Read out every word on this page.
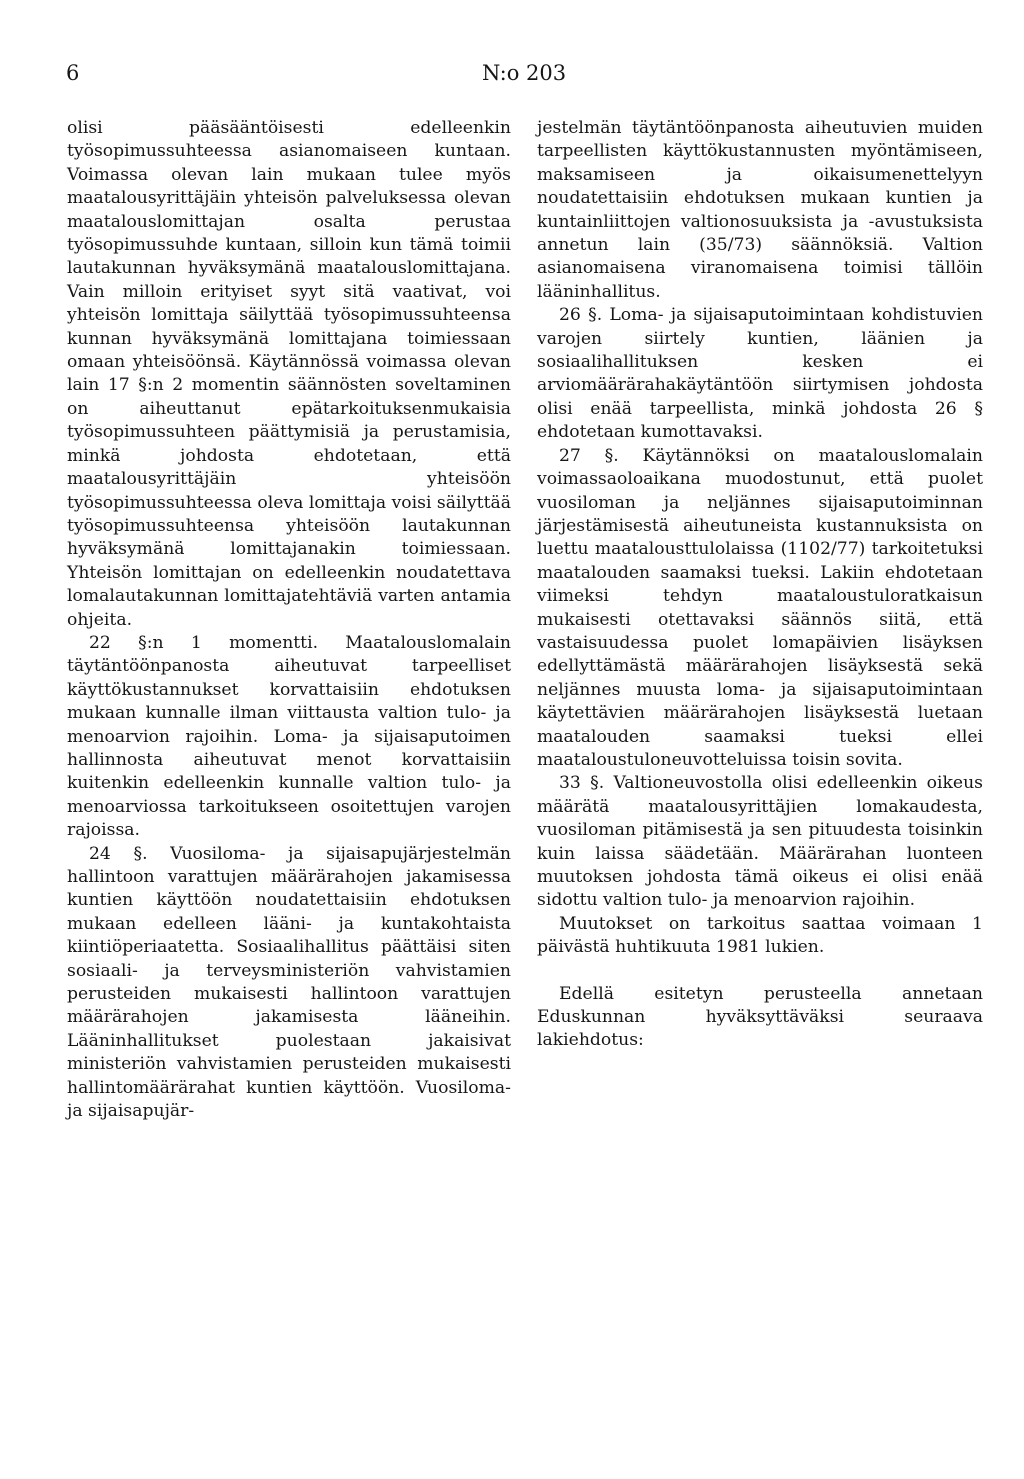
6	N:o 203

olisi pääsääntöisesti edelleenkin työsopimussuhteessa asianomaiseen kuntaan. Voimassa olevan lain mukaan tulee myös maatalousyrittäjäin yhteisön palveluksessa olevan maatalouslomittajan osalta perustaa työsopimussuhde kuntaan, silloin kun tämä toimii lautakunnan hyväksymänä maatalouslomittajana. Vain milloin erityiset syyt sitä vaativat, voi yhteisön lomittaja säilyttää työsopimussuhteensa kunnan hyväksymänä lomittajana toimiessaan omaan yhteisöönsä. Käytännössä voimassa olevan lain 17 §:n 2 momentin säännösten soveltaminen on aiheuttanut epätarkoituksenmukaisia työsopimussuhteen päättymisiä ja perustamisia, minkä johdosta ehdotetaan, että maatalousyrittäjäin yhteisöön työsopimussuhteessa oleva lomittaja voisi säilyttää työsopimussuhteensa yhteisöön lautakunnan hyväksymänä lomittajanakin toimiessaan. Yhteisön lomittajan on edelleenkin noudatettava lomalautakunnan lomittajatehtäviä varten antamia ohjeita.

22 §:n 1 momentti. Maatalouslomalain täytäntöönpanosta aiheutuvat tarpeelliset käyttökustannukset korvattaisiin ehdotuksen mukaan kunnalle ilman viittausta valtion tulo- ja menoarvion rajoihin. Loma- ja sijaisaputoimen hallinnosta aiheutuvat menot korvattaisiin kuitenkin edelleenkin kunnalle valtion tulo- ja menoarviossa tarkoitukseen osoitettujen varojen rajoissa.

24 §. Vuosiloma- ja sijaisapujärjestelmän hallintoon varattujen määrärahojen jakamisessa kuntien käyttöön noudatettaisiin ehdotuksen mukaan edelleen lääni- ja kuntakohtaista kiintiöperiaatetta. Sosiaalihallitus päättäisi siten sosiaali- ja terveysministeriön vahvistamien perusteiden mukaisesti hallintoon varattujen määrärahojen jakamisesta lääneihin. Lääninhallitukset puolestaan jakaisivat ministeriön vahvistamien perusteiden mukaisesti hallintomäärärahat kuntien käyttöön. Vuosiloma- ja sijaisapujär-

jestelmän täytäntöönpanosta aiheutuvien muiden tarpeellisten käyttökustannusten myöntämiseen, maksamiseen ja oikaisumenettelyyn noudatettaisiin ehdotuksen mukaan kuntien ja kuntainliittojen valtionosuuksista ja -avustuksista annetun lain (35/73) säännöksiä. Valtion asianomaisena viranomaisena toimisi tällöin lääninhallitus.

26 §. Loma- ja sijaisaputoimintaan kohdistuvien varojen siirtely kuntien, läänien ja sosiaalihallituksen kesken ei arviomäärärahakäytäntöön siirtymisen johdosta olisi enää tarpeellista, minkä johdosta 26 § ehdotetaan kumottavaksi.

27 §. Käytännöksi on maatalouslomalain voimassaoloaikana muodostunut, että puolet vuosiloman ja neljännes sijaisaputoiminnan järjestämisestä aiheutuneista kustannuksista on luettu maatalousttulolaissa (1102/77) tarkoitetuksi maatalouden saamaksi tueksi. Lakiin ehdotetaan viimeksi tehdyn maataloustuloratkaisun mukaisesti otettavaksi säännös siitä, että vastaisuudessa puolet lomapäivien lisäyksen edellyttämästä määrärahojen lisäyksestä sekä neljännes muusta loma- ja sijaisaputoimintaan käytettävien määrärahojen lisäyksestä luetaan maatalouden saamaksi tueksi ellei maataloustuloneuvotteluissa toisin sovita.

33 §. Valtioneuvostolla olisi edelleenkin oikeus määrätä maatalousyrittäjien lomakaudesta, vuosiloman pitämisestä ja sen pituudesta toisinkin kuin laissa säädetään. Määrärahan luonteen muutoksen johdosta tämä oikeus ei olisi enää sidottu valtion tulo- ja menoarvion rajoihin.

Muutokset on tarkoitus saattaa voimaan 1 päivästä huhtikuuta 1981 lukien.

Edellä esitetyn perusteella annetaan Eduskunnan hyväksyttäväksi seuraava lakiehdotus:
